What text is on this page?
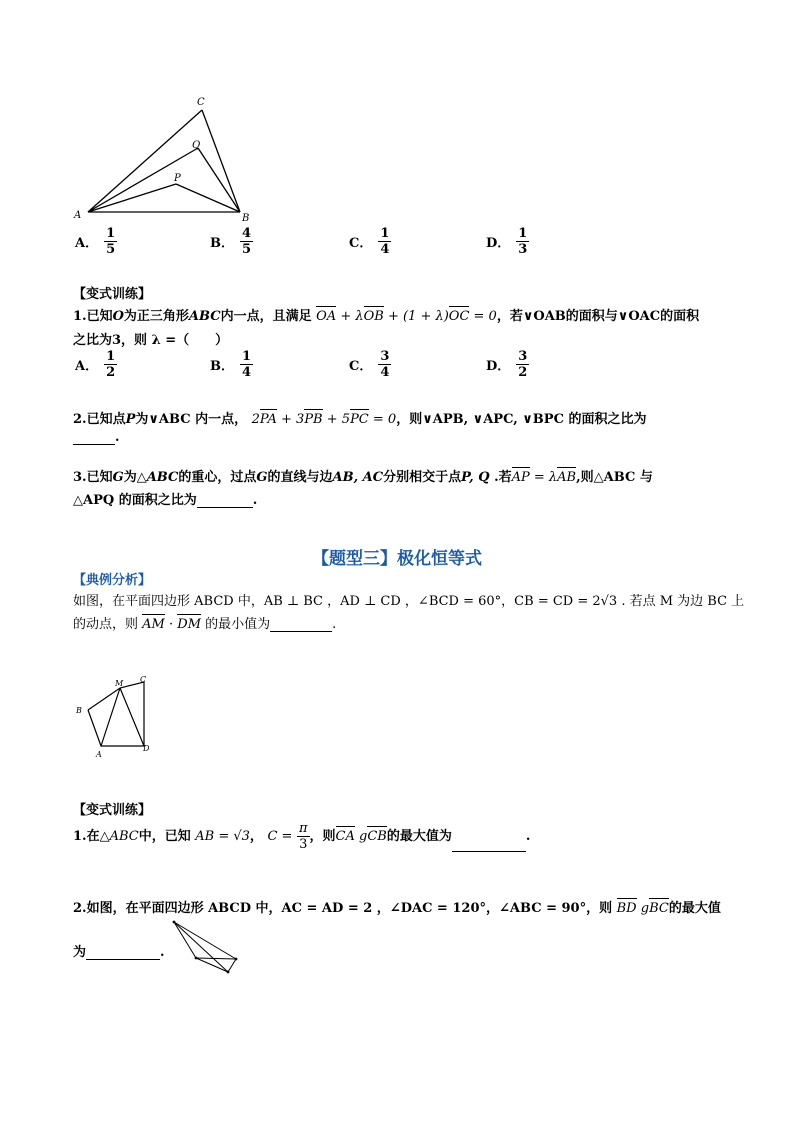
C
Q
P
A	B
A． $\frac{1}{5}$	B． $\frac{4}{5}$	C． $\frac{1}{4}$	D． $\frac{1}{3}$
【变式训练】
1.已知O为正三角形ABC内一点，且满足 OA + λOB + (1 + λ)OC = 0，若∨OAB的面积与∨OAC的面积
之比为3，则 λ =（　　）
A． $\frac{1}{2}$	B． $\frac{1}{4}$	C． $\frac{3}{4}$	D． $\frac{3}{2}$
2.已知点P为∨ABC 内一点， 2PA + 3PB + 5PC = 0，则∨APB, ∨APC, ∨BPC 的面积之比为
.
3.已知G为△ABC的重心，过点G的直线与边AB, AC分别相交于点P, Q .若AP = λAB,则△ABC 与
△APQ 的面积之比为	.
【题型三】极化恒等式
【典例分析】
如图，在平面四边形 ABCD 中，AB ⊥ BC ，AD ⊥ CD ，∠BCD = 60°，CB = CD = 2√3 . 若点 M 为边 BC 上
的动点，则 AM · DM 的最小值为	.
M C
B
A
D
【变式训练】
1.在△ABC中，已知 AB = √3， $C = \frac{\pi}{3}$ ，则CA gCB的最大值为	.
2.如图，在平面四边形 ABCD 中，AC = AD = 2 ，∠DAC = 120°，∠ABC = 90°，则 BD gBC的最大值
为	.
